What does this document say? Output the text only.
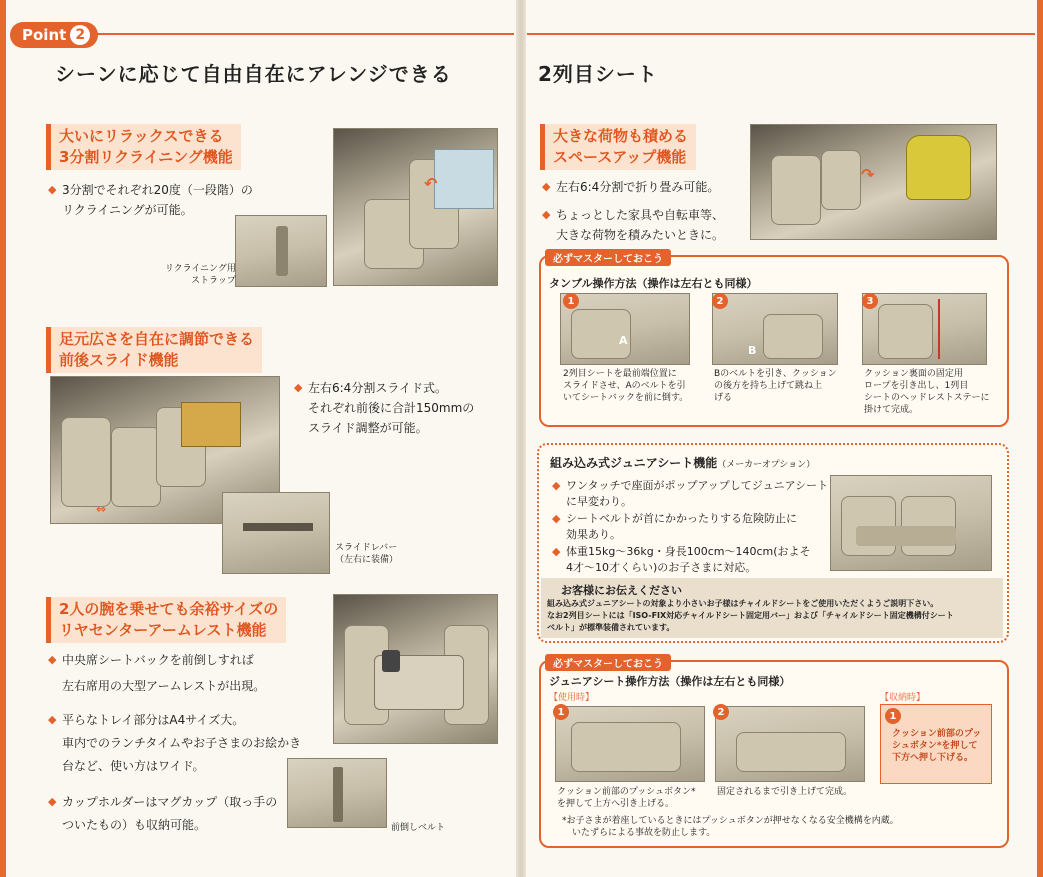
Point 2
シーンに応じて自由自在にアレンジできる
大いにリラックスできる
3分割リクライニング機能
◆ 3分割でそれぞれ20度（一段階）の
リクライニングが可能。
↶
リクライニング用
ストラップ
足元広さを自在に調節できる
前後スライド機能
⇔
◆ 左右6:4分割スライド式。
それぞれ前後に合計150mmの
スライド調整が可能。
スライドレバー
（左右に装備）
2人の腕を乗せても余裕サイズの
リヤセンターアームレスト機能
◆ 中央席シートバックを前倒しすれば
左右席用の大型アームレストが出現。
◆ 平らなトレイ部分はA4サイズ大。
車内でのランチタイムやお子さまのお絵かき
台など、使い方はワイド。
◆ カップホルダーはマグカップ（取っ手の
ついたもの）も収納可能。	前倒しベルト
2列目シート
大きな荷物も積める
スペースアップ機能
◆ 左右6:4分割で折り畳み可能。
◆ ちょっとした家具や自転車等、
大きな荷物を積みたいときに。
↷
必ずマスターしておこう
タンブル操作方法（操作は左右とも同様）
A
1
2列目シートを最前端位置に
スライドさせ、Aのベルトを引
いてシートバックを前に倒す。
B
2
Bのベルトを引き、クッション
の後方を持ち上げて跳ね上
げる
3
クッション裏面の固定用
ロープを引き出し、1列目
シートのヘッドレストステーに
掛けて完成。
組み込み式ジュニアシート機能（メーカーオプション）
◆ ワンタッチで座面がポップアップしてジュニアシート
に早変わり。
◆ シートベルトが首にかかったりする危険防止に
効果あり。
◆ 体重15kg〜36kg・身長100cm〜140cm(およそ
4才〜10才くらい)のお子さまに対応。
お客様にお伝えください
組み込み式ジュニアシートの対象より小さいお子様はチャイルドシートをご使用いただくようご説明下さい。
なお2列目シートには「ISO-FIX対応チャイルドシート固定用バー」および「チャイルドシート固定機構付シート
ベルト」が標準装備されています。
必ずマスターしておこう
ジュニアシート操作方法（操作は左右とも同様）
【使用時】	【収納時】
1
クッション前部のプッシュボタン*
を押して上方へ引き上げる。
2
固定されるまで引き上げて完成。
1
クッション前部のプッ
シュボタン*を押して
下方へ押し下げる。
*お子さまが着座しているときにはプッシュボタンが押せなくなる安全機構を内蔵。
いたずらによる事故を防止します。
